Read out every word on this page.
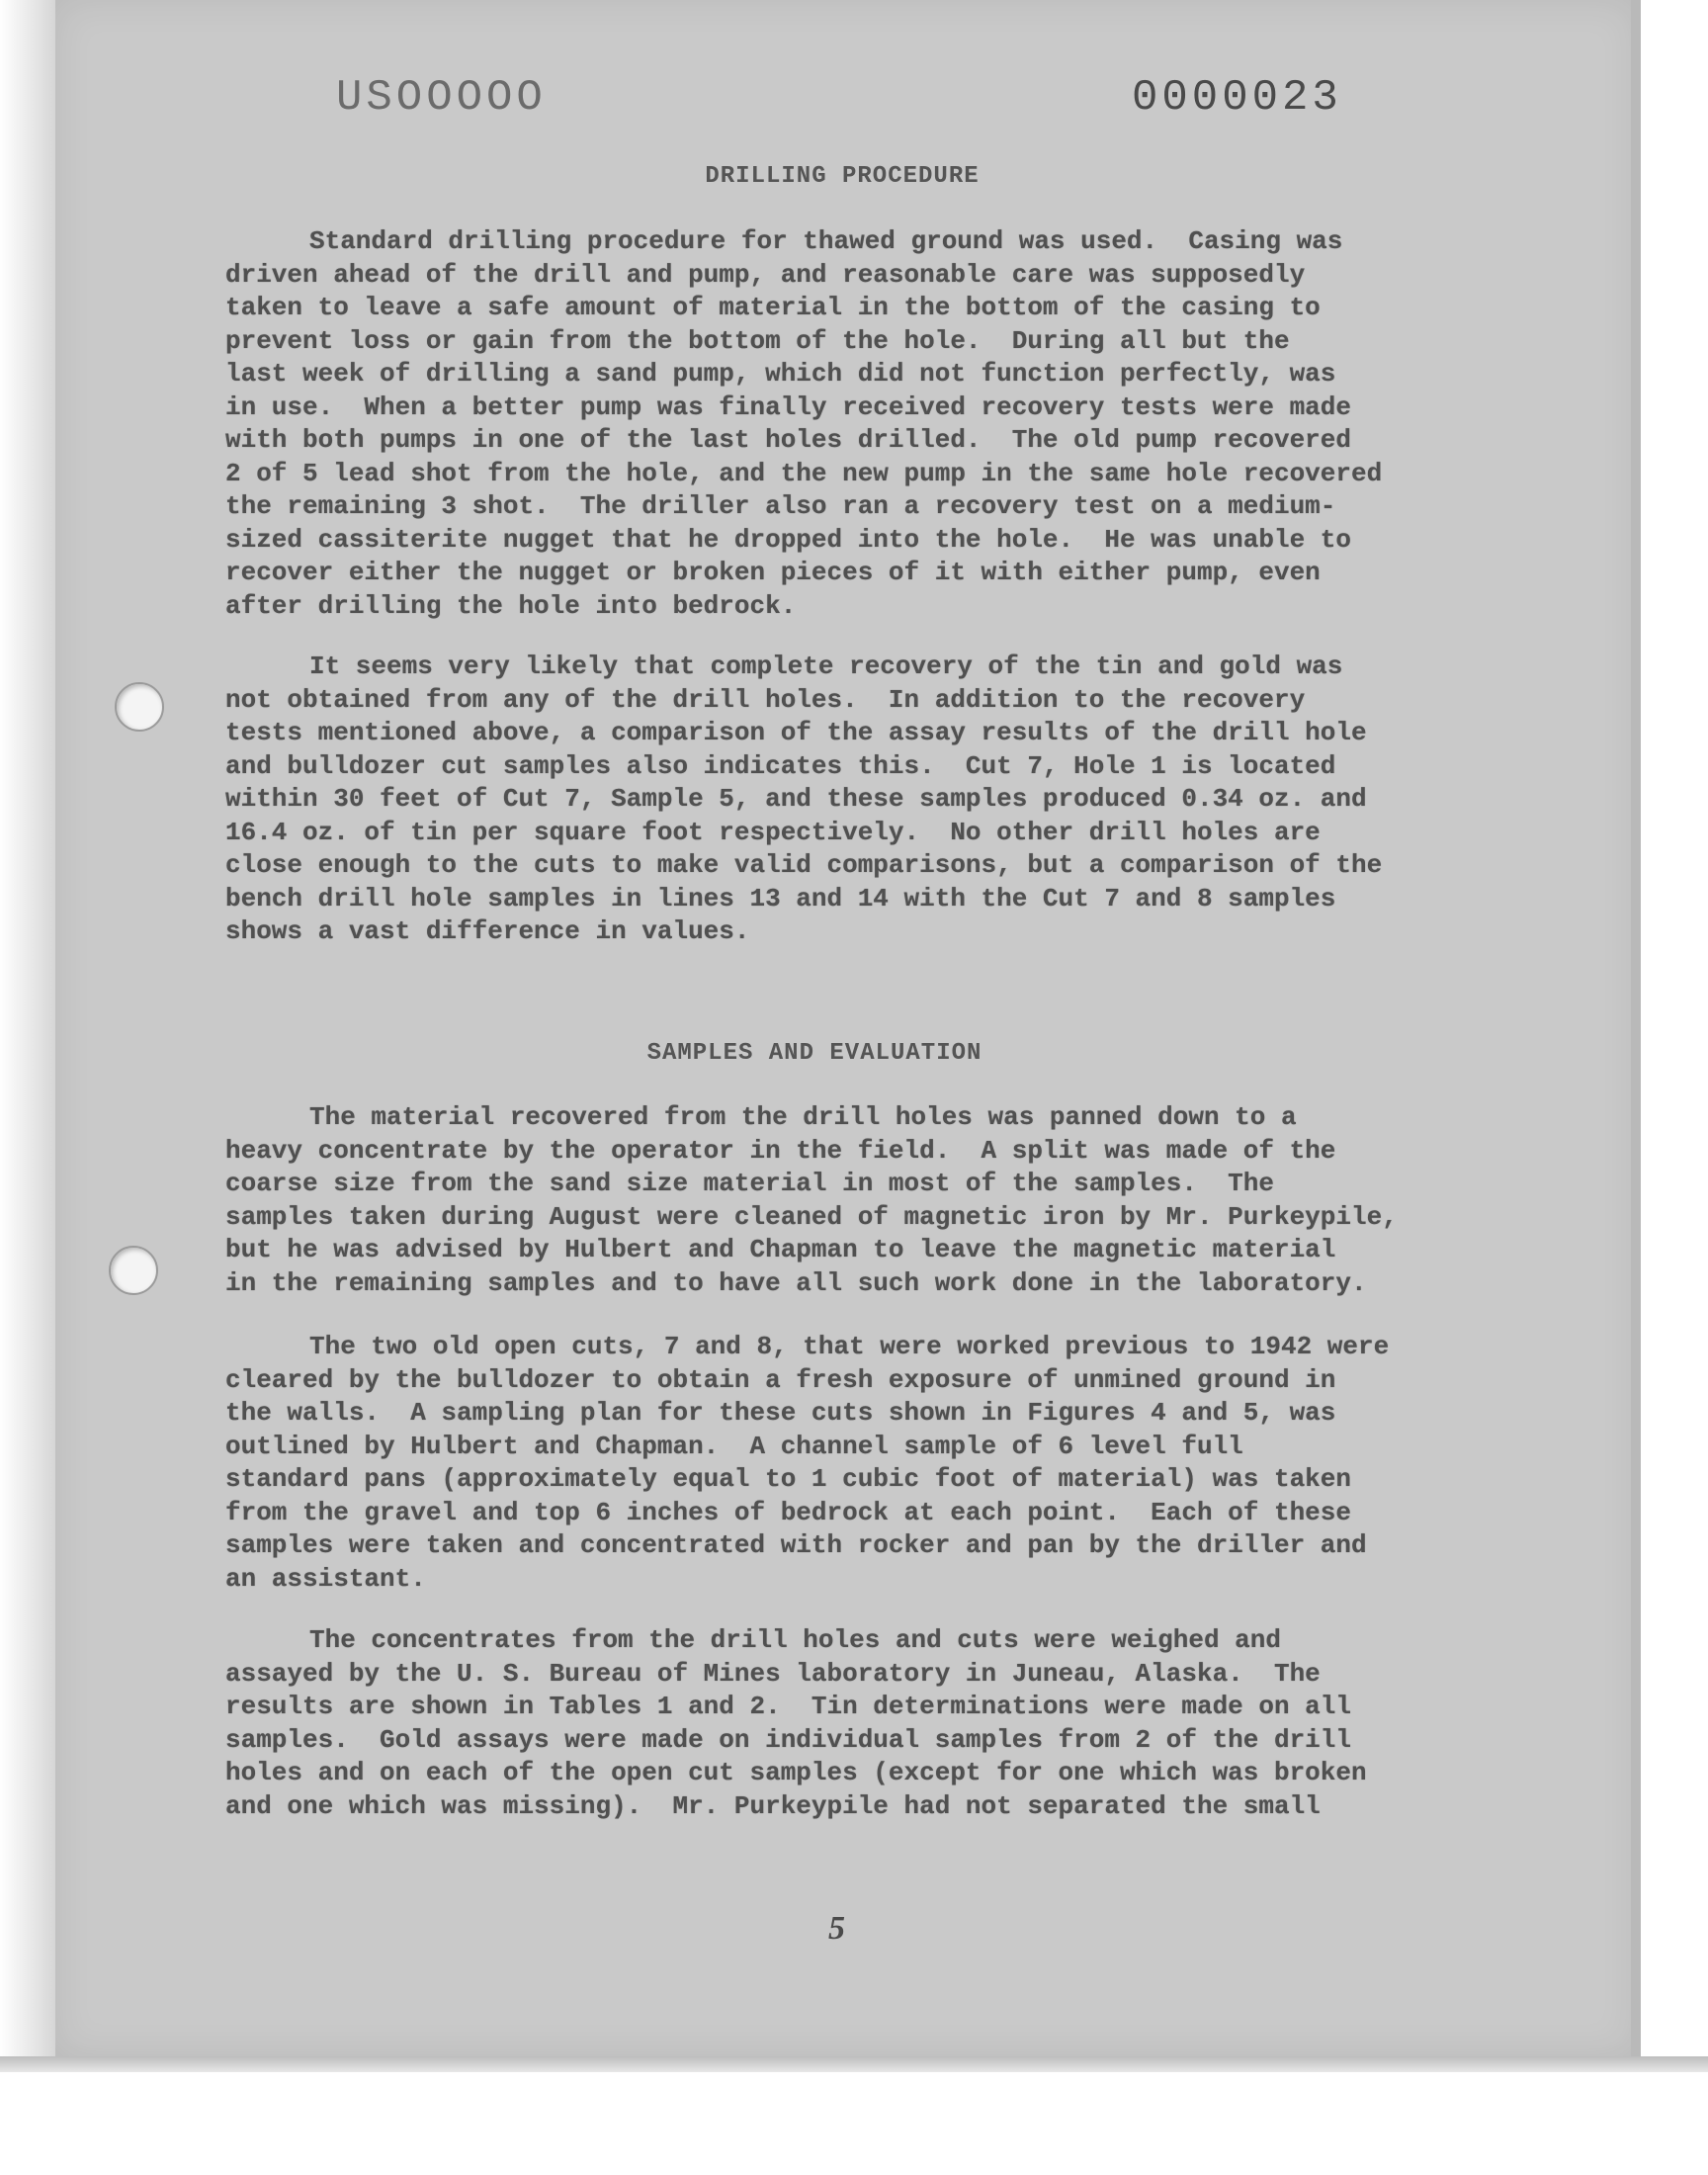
USOOOOO	0000023
DRILLING PROCEDURE

Standard drilling procedure for thawed ground was used.  Casing was
driven ahead of the drill and pump, and reasonable care was supposedly
taken to leave a safe amount of material in the bottom of the casing to
prevent loss or gain from the bottom of the hole.  During all but the
last week of drilling a sand pump, which did not function perfectly, was
in use.  When a better pump was finally received recovery tests were made
with both pumps in one of the last holes drilled.  The old pump recovered
2 of 5 lead shot from the hole, and the new pump in the same hole recovered
the remaining 3 shot.  The driller also ran a recovery test on a medium-
sized cassiterite nugget that he dropped into the hole.  He was unable to
recover either the nugget or broken pieces of it with either pump, even
after drilling the hole into bedrock.

It seems very likely that complete recovery of the tin and gold was
not obtained from any of the drill holes.  In addition to the recovery
tests mentioned above, a comparison of the assay results of the drill hole
and bulldozer cut samples also indicates this.  Cut 7, Hole 1 is located
within 30 feet of Cut 7, Sample 5, and these samples produced 0.34 oz. and
16.4 oz. of tin per square foot respectively.  No other drill holes are
close enough to the cuts to make valid comparisons, but a comparison of the
bench drill hole samples in lines 13 and 14 with the Cut 7 and 8 samples
shows a vast difference in values.

SAMPLES AND EVALUATION

The material recovered from the drill holes was panned down to a
heavy concentrate by the operator in the field.  A split was made of the
coarse size from the sand size material in most of the samples.  The
samples taken during August were cleaned of magnetic iron by Mr. Purkeypile,
but he was advised by Hulbert and Chapman to leave the magnetic material
in the remaining samples and to have all such work done in the laboratory.

The two old open cuts, 7 and 8, that were worked previous to 1942 were
cleared by the bulldozer to obtain a fresh exposure of unmined ground in
the walls.  A sampling plan for these cuts shown in Figures 4 and 5, was
outlined by Hulbert and Chapman.  A channel sample of 6 level full
standard pans (approximately equal to 1 cubic foot of material) was taken
from the gravel and top 6 inches of bedrock at each point.  Each of these
samples were taken and concentrated with rocker and pan by the driller and
an assistant.

The concentrates from the drill holes and cuts were weighed and
assayed by the U. S. Bureau of Mines laboratory in Juneau, Alaska.  The
results are shown in Tables 1 and 2.  Tin determinations were made on all
samples.  Gold assays were made on individual samples from 2 of the drill
holes and on each of the open cut samples (except for one which was broken
and one which was missing).  Mr. Purkeypile had not separated the small

5
